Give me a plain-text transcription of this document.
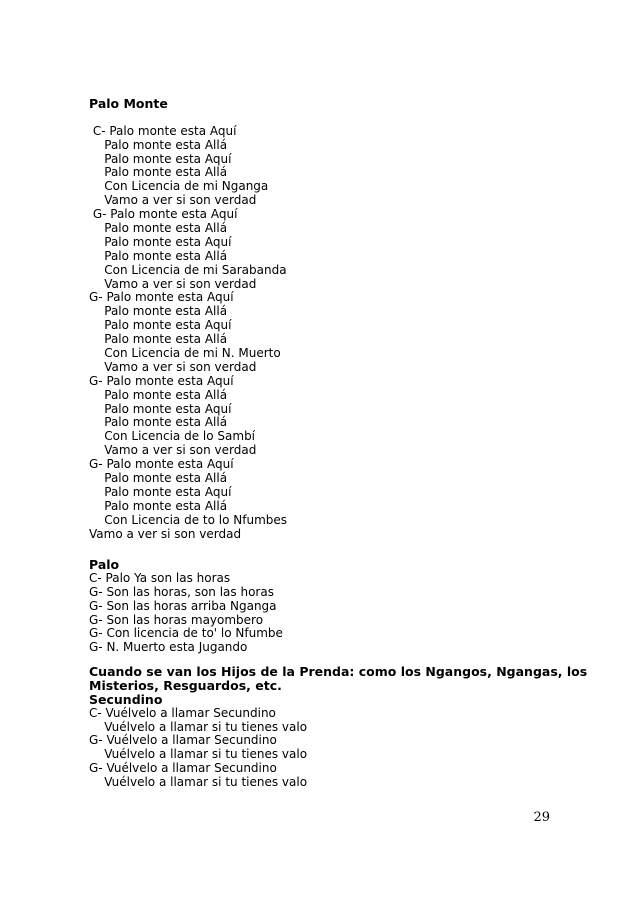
Palo Monte
C- Palo monte esta Aquí
Palo monte esta Allá
Palo monte esta Aquí
Palo monte esta Allá
Con Licencia de mi Nganga
Vamo a ver si son verdad
G- Palo monte esta Aquí
Palo monte esta Allá
Palo monte esta Aquí
Palo monte esta Allá
Con Licencia de mi Sarabanda
Vamo a ver si son verdad
G- Palo monte esta Aquí
Palo monte esta Allá
Palo monte esta Aquí
Palo monte esta Allá
Con Licencia de mi N. Muerto
Vamo a ver si son verdad
G- Palo monte esta Aquí
Palo monte esta Allá
Palo monte esta Aquí
Palo monte esta Allá
Con Licencia de lo Sambí
Vamo a ver si son verdad
G- Palo monte esta Aquí
Palo monte esta Allá
Palo monte esta Aquí
Palo monte esta Allá
Con Licencia de to lo Nfumbes
Vamo a ver si son verdad
Palo
C- Palo Ya son las horas
G- Son las horas, son las horas
G- Son las horas arriba Nganga
G- Son las horas mayombero
G- Con licencia de to' lo Nfumbe
G- N. Muerto esta Jugando
Cuando se van los Hijos de la Prenda: como los Ngangos, Ngangas, los
Misterios, Resguardos, etc.
Secundino
C- Vuélvelo a llamar Secundino
Vuélvelo a llamar si tu tienes valo
G- Vuélvelo a llamar Secundino
Vuélvelo a llamar si tu tienes valo
G- Vuélvelo a llamar Secundino
Vuélvelo a llamar si tu tienes valo
29
